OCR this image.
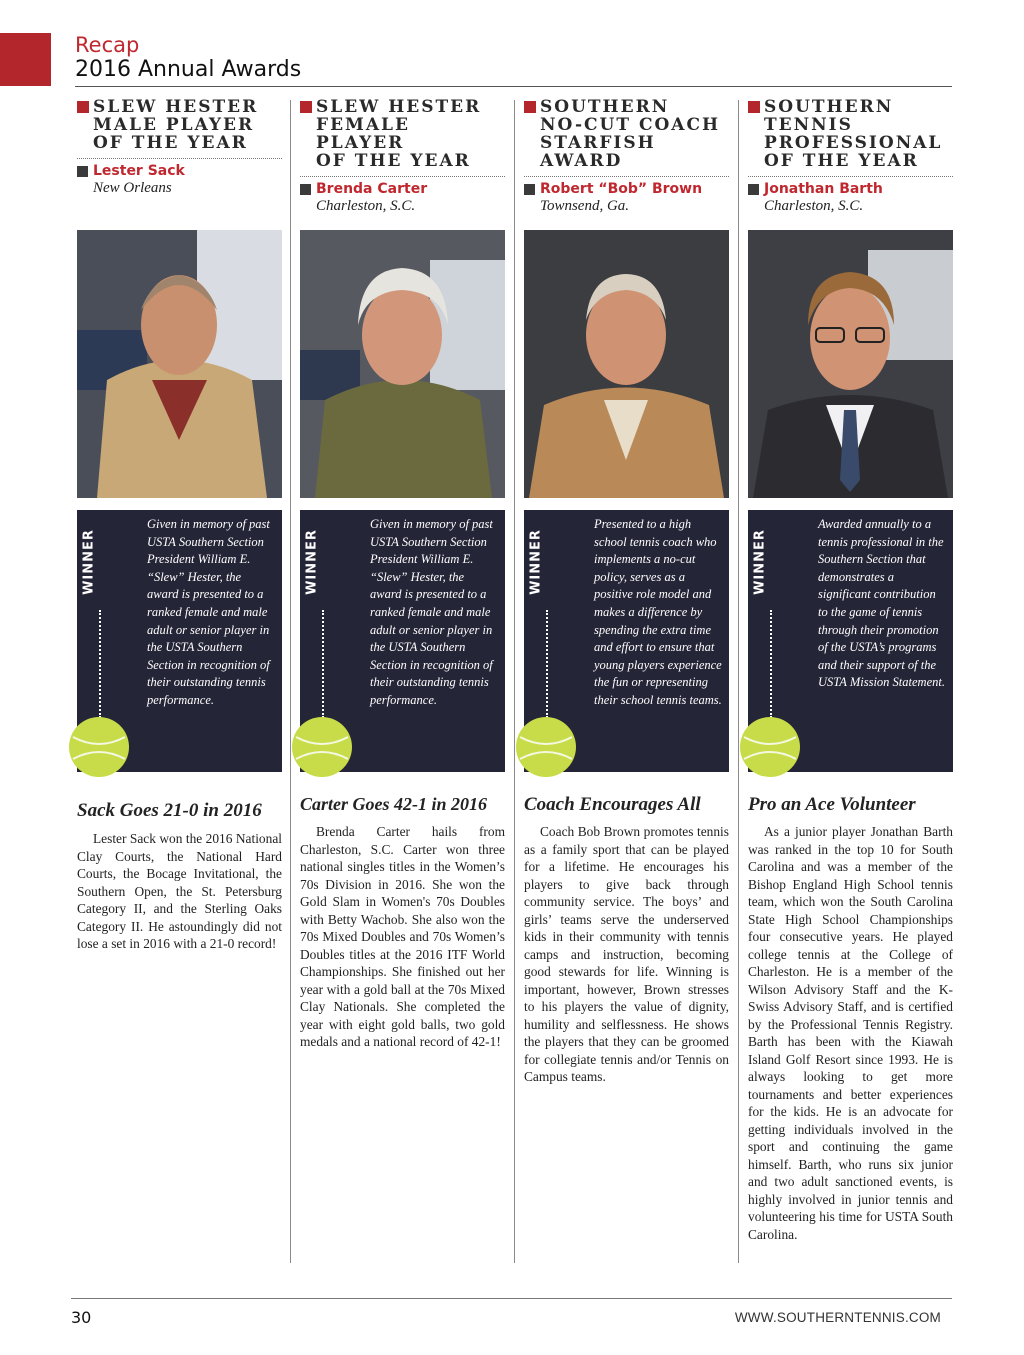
Recap
2016 Annual Awards
SLEW HESTER
MALE PLAYER
OF THE YEAR
Lester Sack
New Orleans
SLEW HESTER
FEMALE PLAYER
OF THE YEAR
Brenda Carter
Charleston, S.C.
SOUTHERN
NO-CUT COACH
STARFISH
AWARD
Robert “Bob” Brown
Townsend, Ga.
SOUTHERN
TENNIS
PROFESSIONAL
OF THE YEAR
Jonathan Barth
Charleston, S.C.
WINNER
Given in memory of past USTA Southern Section President William E. “Slew” Hester, the award is presented to a ranked female and male adult or senior player in the USTA Southern Section in recognition of their outstanding tennis performance.
WINNER
Given in memory of past USTA Southern Section President William E. “Slew” Hester, the award is presented to a ranked female and male adult or senior player in the USTA Southern Section in recognition of their outstanding tennis performance.
WINNER
Presented to a high school tennis coach who implements a no-cut policy, serves as a positive role model and makes a difference by spending the extra time and effort to ensure that young players experience the fun or representing their school tennis teams.
WINNER
Awarded annually to a tennis professional in the Southern Section that demonstrates a significant contribution to the game of tennis through their promotion of the USTA’s programs and their support of the USTA Mission Statement.
Sack Goes 21-0 in 2016 Carter Goes 42-1 in 2016 Coach Encourages All Pro an Ace Volunteer
Lester Sack won the 2016 National Clay Courts, the National Hard Courts, the Bocage Invitational, the Southern Open, the St. Petersburg Category II, and the Sterling Oaks Category II. He astoundingly did not lose a set in 2016 with a 21-0 record!
Brenda Carter hails from Charleston, S.C. Carter won three national singles titles in the Women’s 70s Division in 2016. She won the Gold Slam in Women's 70s Doubles with Betty Wachob. She also won the 70s Mixed Doubles and 70s Women’s Doubles titles at the 2016 ITF World Championships. She finished out her year with a gold ball at the 70s Mixed Clay Nationals. She completed the year with eight gold balls, two gold medals and a national record of 42-1!
Coach Bob Brown promotes tennis as a family sport that can be played for a lifetime. He encourages his players to give back through community service. The boys’ and girls’ teams serve the underserved kids in their community with tennis camps and instruction, becoming good stewards for life. Winning is important, however, Brown stresses to his players the value of dignity, humility and selflessness. He shows the players that they can be groomed for collegiate tennis and/or Tennis on Campus teams.
As a junior player Jonathan Barth was ranked in the top 10 for South Carolina and was a member of the Bishop England High School tennis team, which won the South Carolina State High School Championships four consecutive years. He played college tennis at the College of Charleston. He is a member of the Wilson Advisory Staff and the K-Swiss Advisory Staff, and is certified by the Professional Tennis Registry. Barth has been with the Kiawah Island Golf Resort since 1993. He is always looking to get more tournaments and better experiences for the kids. He is an advocate for getting individuals involved in the sport and continuing the game himself. Barth, who runs six junior and two adult sanctioned events, is highly involved in junior tennis and volunteering his time for USTA South Carolina.
30	WWW.SOUTHERNTENNIS.COM
